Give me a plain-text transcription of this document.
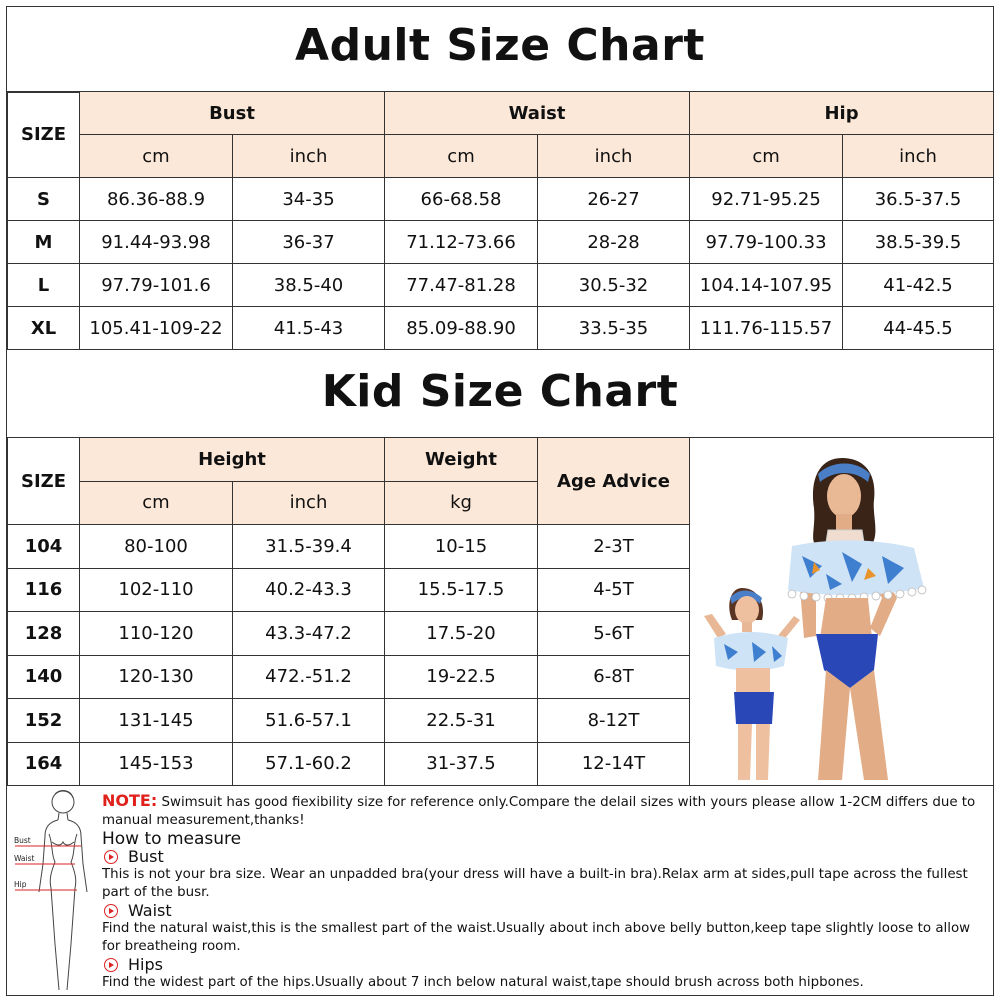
Adult Size Chart
SIZE	Bust		Waist		Hip	
	cm	inch	cm	inch	cm	inch
S	86.36-88.9	34-35	66-68.58	26-27	92.71-95.25	36.5-37.5
M	91.44-93.98	36-37	71.12-73.66	28-28	97.79-100.33	38.5-39.5
L	97.79-101.6	38.5-40	77.47-81.28	30.5-32	104.14-107.95	41-42.5
XL	105.41-109-22	41.5-43	85.09-88.90	33.5-35	111.76-115.57	44-45.5
Kid Size Chart
SIZE	Height		Weight	Age Advice	
	cm	inch	kg		
104	80-100	31.5-39.4	10-15	2-3T	
116	102-110	40.2-43.3	15.5-17.5	4-5T	
128	110-120	43.3-47.2	17.5-20	5-6T	
140	120-130	472.-51.2	19-22.5	6-8T	
152	131-145	51.6-57.1	22.5-31	8-12T	
164	145-153	57.1-60.2	31-37.5	12-14T	
Bust
Waist
Hip

NOTE: Swimsuit has good fiexibility size for reference only.Compare the delail sizes with yours please allow 1-2CM differs due to manual measurement,thanks!

How to measure

Bust

This is not your bra size. Wear an unpadded bra(your dress will have a built-in bra).Relax arm at sides,pull tape across the fullest part of the busr.

Waist

Find the natural waist,this is the smallest part of the waist.Usually about inch above belly button,keep tape slightly loose to allow for breatheing room.

Hips

Find the widest part of the hips.Usually about 7 inch below natural waist,tape should brush across both hipbones.
